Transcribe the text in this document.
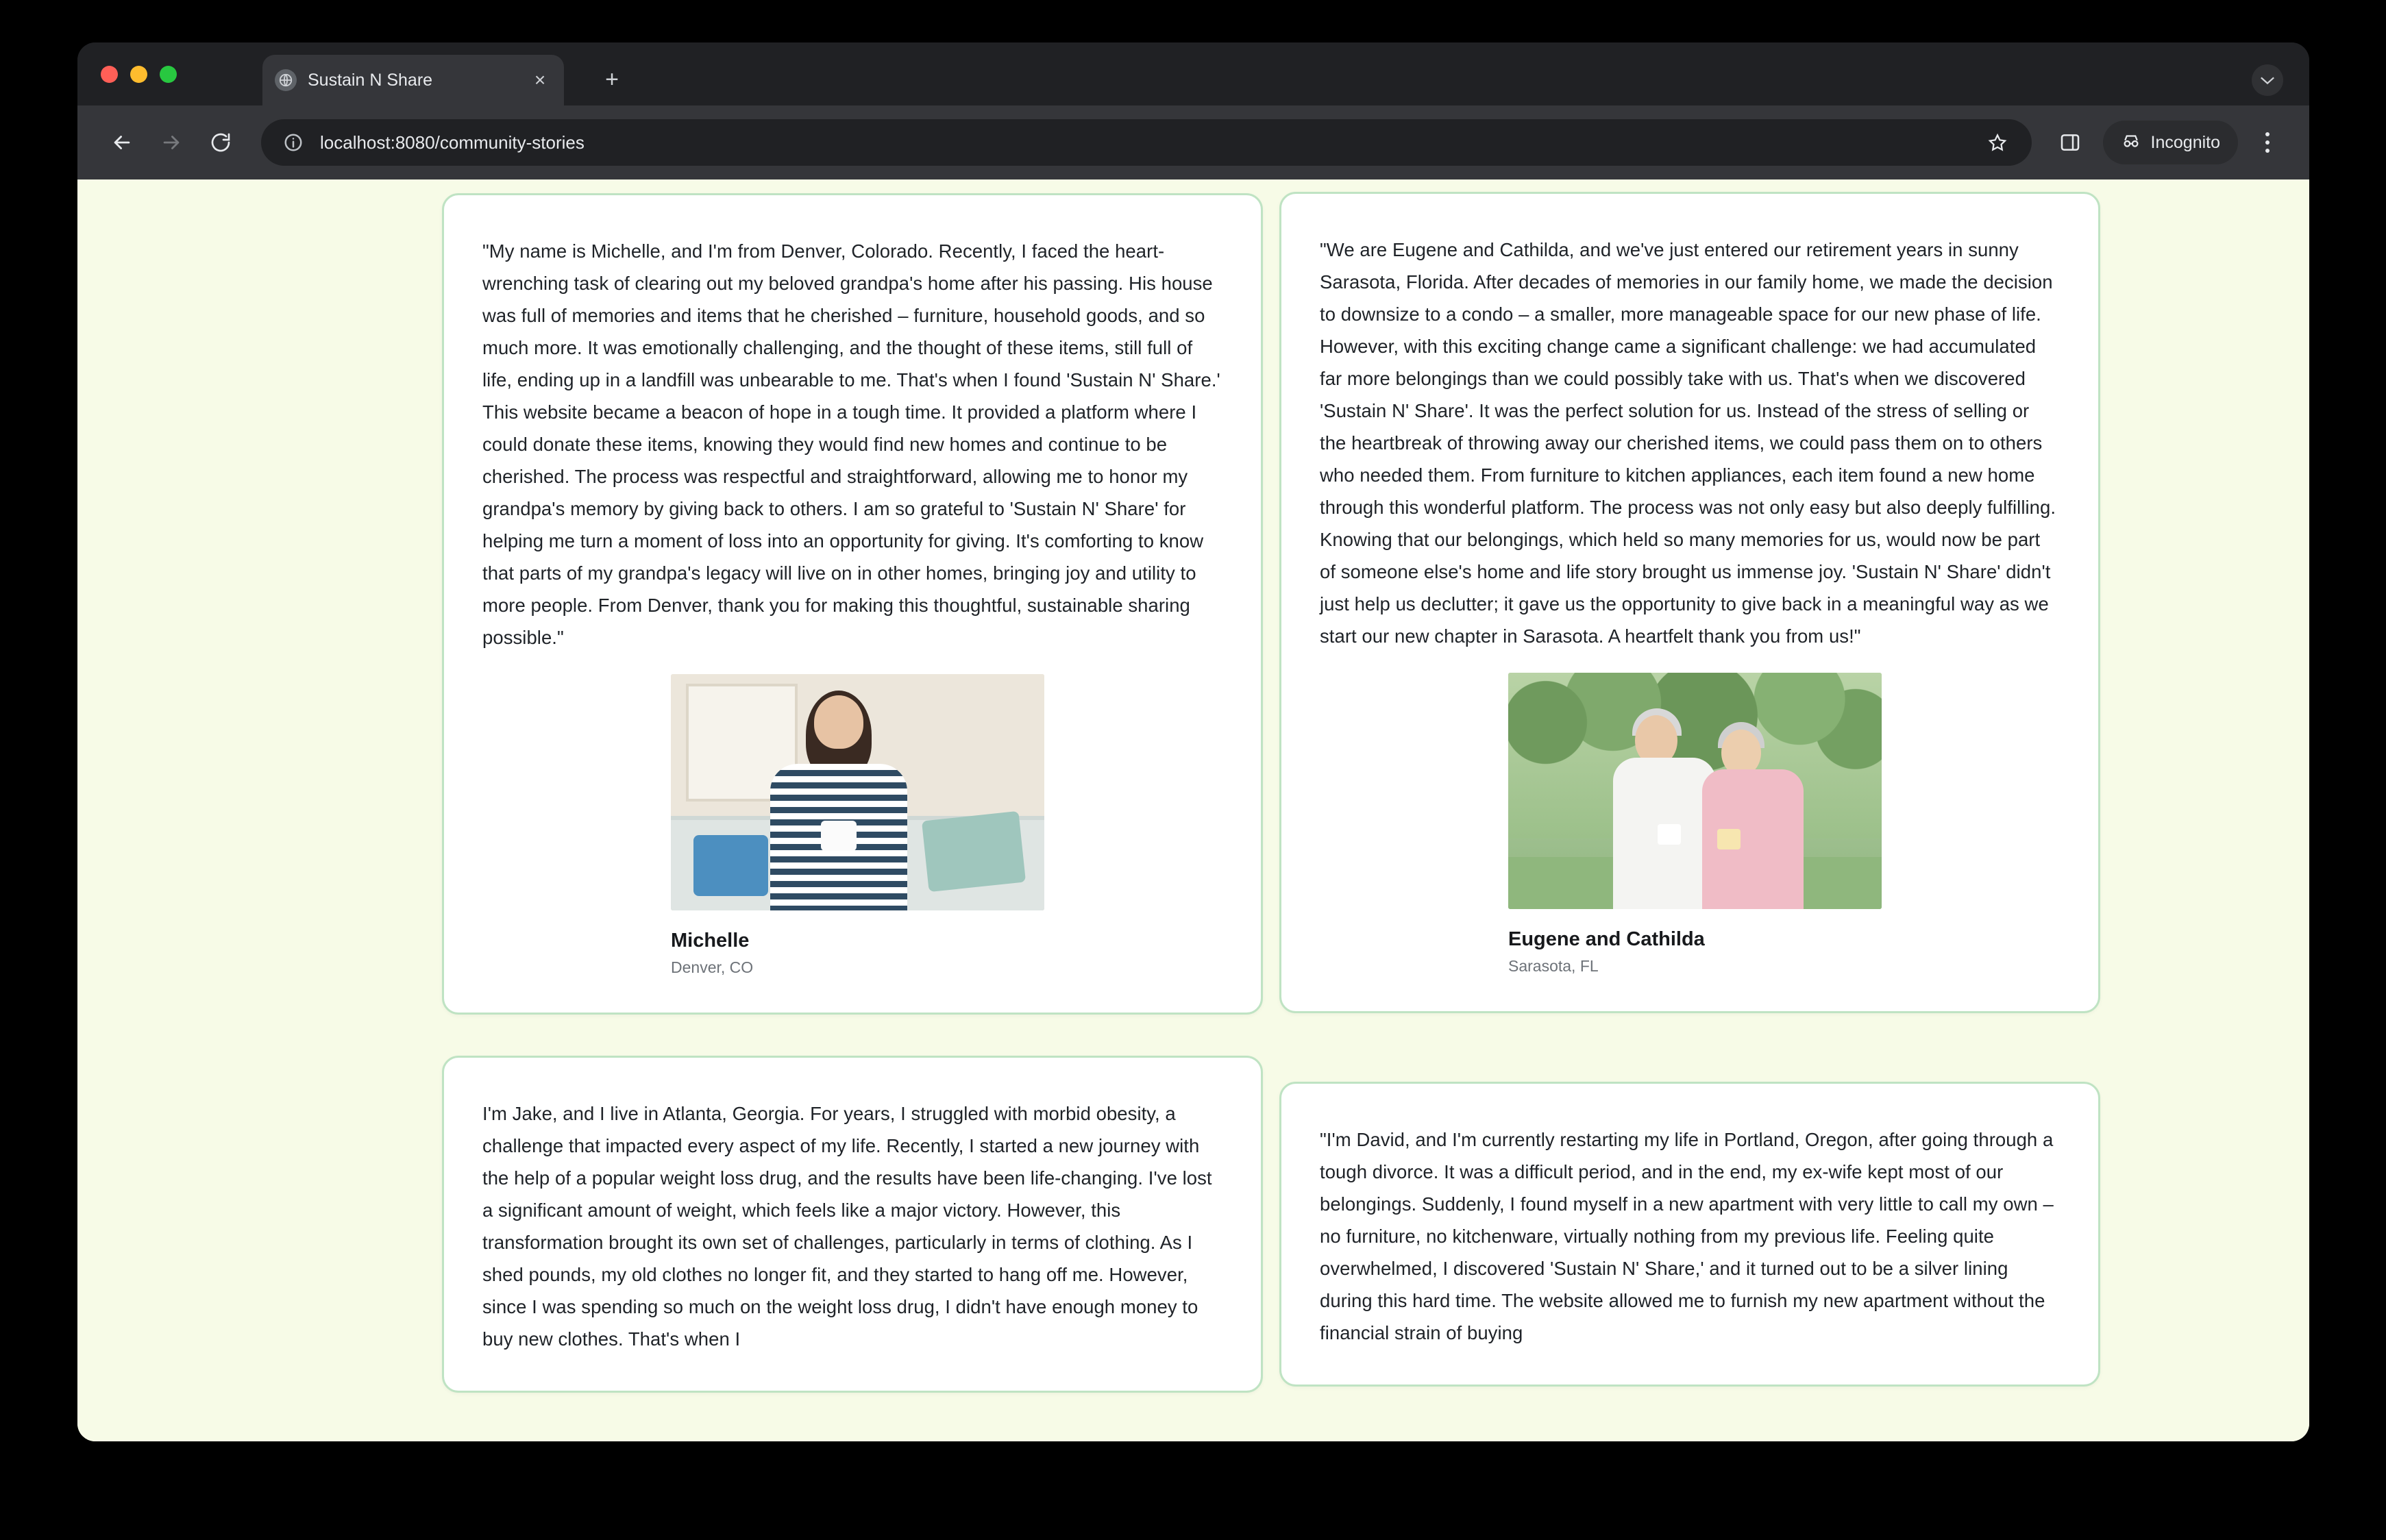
Sustain N Share	×	+
localhost:8080/community-stories	Incognito

"My name is Michelle, and I'm from Denver, Colorado. Recently, I faced the heart-wrenching task of clearing out my beloved grandpa's home after his passing. His house was full of memories and items that he cherished – furniture, household goods, and so much more. It was emotionally challenging, and the thought of these items, still full of life, ending up in a landfill was unbearable to me. That's when I found 'Sustain N' Share.' This website became a beacon of hope in a tough time. It provided a platform where I could donate these items, knowing they would find new homes and continue to be cherished. The process was respectful and straightforward, allowing me to honor my grandpa's memory by giving back to others. I am so grateful to 'Sustain N' Share' for helping me turn a moment of loss into an opportunity for giving. It's comforting to know that parts of my grandpa's legacy will live on in other homes, bringing joy and utility to more people. From Denver, thank you for making this thoughtful, sustainable sharing possible."

Michelle
Denver, CO

I'm Jake, and I live in Atlanta, Georgia. For years, I struggled with morbid obesity, a challenge that impacted every aspect of my life. Recently, I started a new journey with the help of a popular weight loss drug, and the results have been life-changing. I've lost a significant amount of weight, which feels like a major victory. However, this transformation brought its own set of challenges, particularly in terms of clothing. As I shed pounds, my old clothes no longer fit, and they started to hang off me. However, since I was spending so much on the weight loss drug, I didn't have enough money to buy new clothes. That's when I

"We are Eugene and Cathilda, and we've just entered our retirement years in sunny Sarasota, Florida. After decades of memories in our family home, we made the decision to downsize to a condo – a smaller, more manageable space for our new phase of life. However, with this exciting change came a significant challenge: we had accumulated far more belongings than we could possibly take with us. That's when we discovered 'Sustain N' Share'. It was the perfect solution for us. Instead of the stress of selling or the heartbreak of throwing away our cherished items, we could pass them on to others who needed them. From furniture to kitchen appliances, each item found a new home through this wonderful platform. The process was not only easy but also deeply fulfilling. Knowing that our belongings, which held so many memories for us, would now be part of someone else's home and life story brought us immense joy. 'Sustain N' Share' didn't just help us declutter; it gave us the opportunity to give back in a meaningful way as we start our new chapter in Sarasota. A heartfelt thank you from us!"

Eugene and Cathilda
Sarasota, FL

"I'm David, and I'm currently restarting my life in Portland, Oregon, after going through a tough divorce. It was a difficult period, and in the end, my ex-wife kept most of our belongings. Suddenly, I found myself in a new apartment with very little to call my own – no furniture, no kitchenware, virtually nothing from my previous life. Feeling quite overwhelmed, I discovered 'Sustain N' Share,' and it turned out to be a silver lining during this hard time. The website allowed me to furnish my new apartment without the financial strain of buying
